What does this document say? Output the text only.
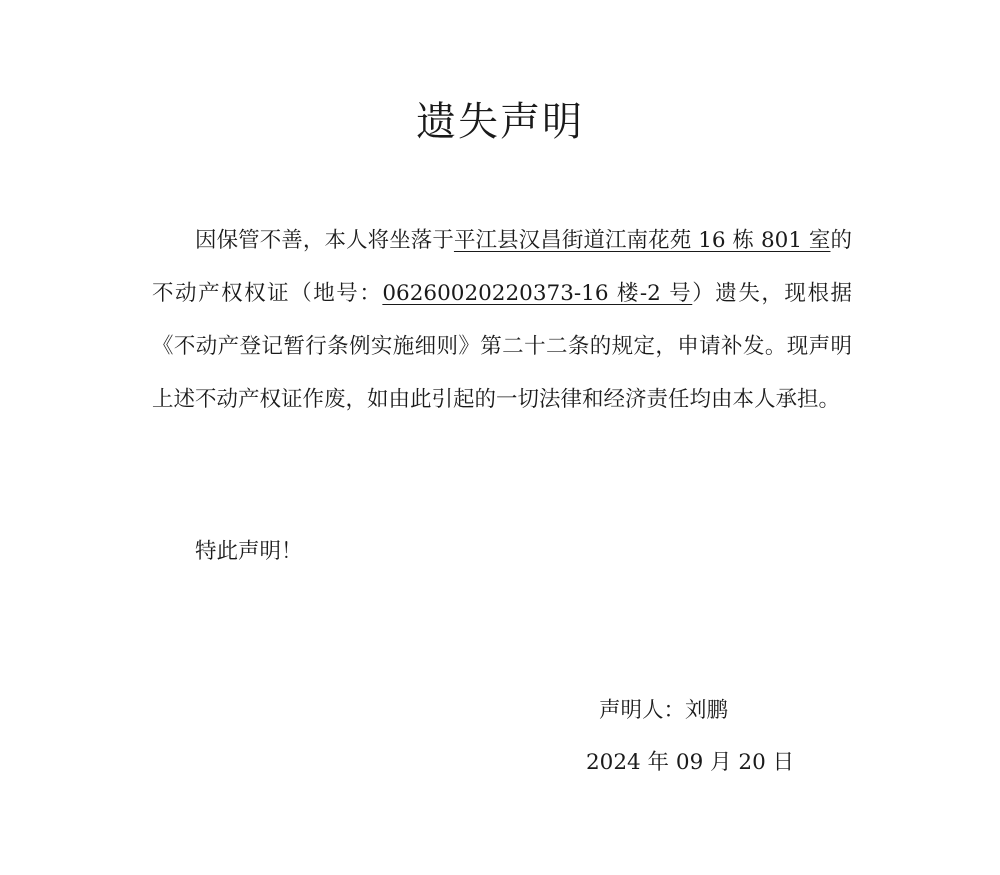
遗失声明

因保管不善，本人将坐落于平江县汉昌街道江南花苑 16 栋 801 室的不动产权权证（地号：06260020220373-16 楼-2 号）遗失，现根据《不动产登记暂行条例实施细则》第二十二条的规定，申请补发。现声明上述不动产权证作废，如由此引起的一切法律和经济责任均由本人承担。

特此声明！

声明人：刘鹏

2024 年 09 月 20 日
